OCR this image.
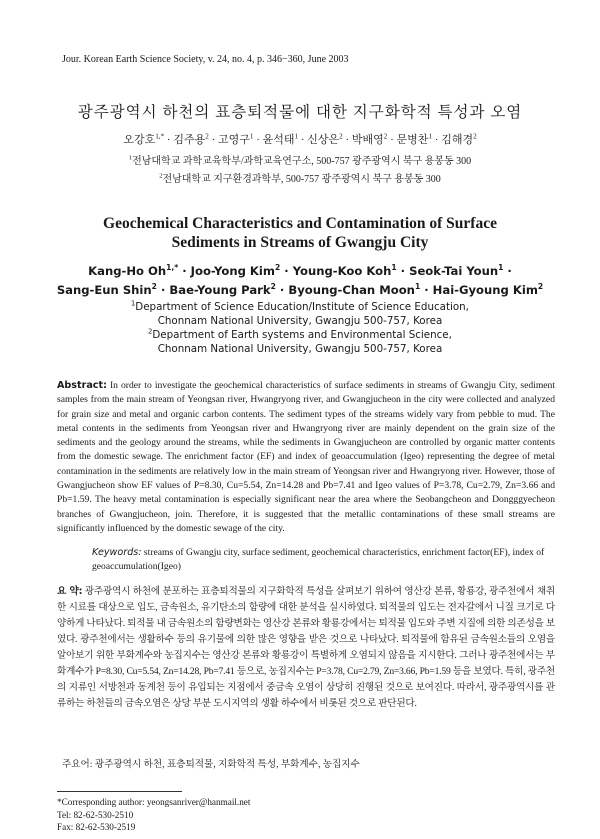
Jour. Korean Earth Science Society, v. 24, no. 4, p. 346−360, June 2003
광주광역시 하천의 표층퇴적물에 대한 지구화학적 특성과 오염
오강호$^{1,*}$ · 김주용$^2$ · 고영구$^1$ · 윤석태$^1$ · 신상은$^2$ · 박배영$^2$ · 문병찬$^1$ · 김해경$^2$
$^1$전남대학교 과학교육학부/과학교육연구소, 500-757 광주광역시 북구 용봉동 300
$^2$전남대학교 지구환경과학부, 500-757 광주광역시 북구 용봉동 300
Geochemical Characteristics and Contamination of Surface
Sediments in Streams of Gwangju City
Kang-Ho $Oh^{1,*}$ · Joo-Yong Kim$^2$ · Young-Koo Koh$^1$ · Seok-Tai Youn$^1$ ·
Sang-Eun Shin$^2$ · Bae-Young Park$^2$ · Byoung-Chan Moon$^1$ · Hai-Gyoung Kim$^2$
$^1$Department of Science Education/Institute of Science Education,
Chonnam National University, Gwangju 500-757, Korea
$^2$Department of Earth systems and Environmental Science,
Chonnam National University, Gwangju 500-757, Korea
Abstract: In order to investigate the geochemical characteristics of surface sediments in streams of Gwangju City, sediment samples from the main stream of Yeongsan river, Hwangryong river, and Gwangjucheon in the city were collected and analyzed for grain size and metal and organic carbon contents. The sediment types of the streams widely vary from pebble to mud. The metal contents in the sediments from Yeongsan river and Hwangryong river are mainly dependent on the grain size of the sediments and the geology around the streams, while the sediments in Gwangjucheon are controlled by organic matter contents from the domestic sewage. The enrichment factor (EF) and index of geoaccumulation (Igeo) representing the degree of metal contamination in the sediments are relatively low in the main stream of Yeongsan river and Hwangryong river. However, those of Gwangjucheon show EF values of P=8.30, Cu=5.54, Zn=14.28 and Pb=7.41 and Igeo values of P=3.78, Cu=2.79, Zn=3.66 and Pb=1.59. The heavy metal contamination is especially significant near the area where the Seobangcheon and Dongggyecheon branches of Gwangjucheon, join. Therefore, it is suggested that the metallic contaminations of these small streams are significantly influenced by the domestic sewage of the city.
Keywords: streams of Gwangju city, surface sediment, geochemical characteristics, enrichment factor(EF), index of geoaccumulation(Igeo)
요 약: 광주광역시 하천에 분포하는 표층퇴적물의 지구화학적 특성을 살펴보기 위하여 영산강 본류, 황룡강, 광주천에서 채취한 시료를 대상으로 입도, 금속원소, 유기탄소의 함량에 대한 분석을 실시하였다. 퇴적물의 입도는 전자갈에서 니질 크기로 다양하게 나타났다. 퇴적물 내 금속원소의 함량변화는 영산강 본류와 황룡강에서는 퇴적물 입도와 주변 지질에 의한 의존성을 보였다. 광주천에서는 생활하수 등의 유기물에 의한 많은 영향을 받은 것으로 나타났다. 퇴적물에 함유된 금속원소들의 오염을 알아보기 위한 부화계수와 농집지수는 영산강 본류와 황룡강이 특별하게 오염되지 않음을 지시한다. 그러나 광주천에서는 부화계수가 P=8.30, Cu=5.54, Zn=14.28, Pb=7.41 등으로, 농집지수는 P=3.78, Cu=2.79, Zn=3.66, Pb=1.59 등을 보였다. 특히, 광주천의 지류인 서방천과 동계천 등이 유입되는 지점에서 중금속 오염이 상당히 진행된 것으로 보여진다. 따라서, 광주광역시를 관류하는 하천들의 금속오염은 상당 부분 도시지역의 생활 하수에서 비롯된 것으로 판단된다.
주요어: 광주광역시 하천, 표층퇴적물, 지화학적 특성, 부화계수, 농집지수
*Corresponding author: yeongsanriver@hanmail.net
Tel: 82-62-530-2510
Fax: 82-62-530-2519
